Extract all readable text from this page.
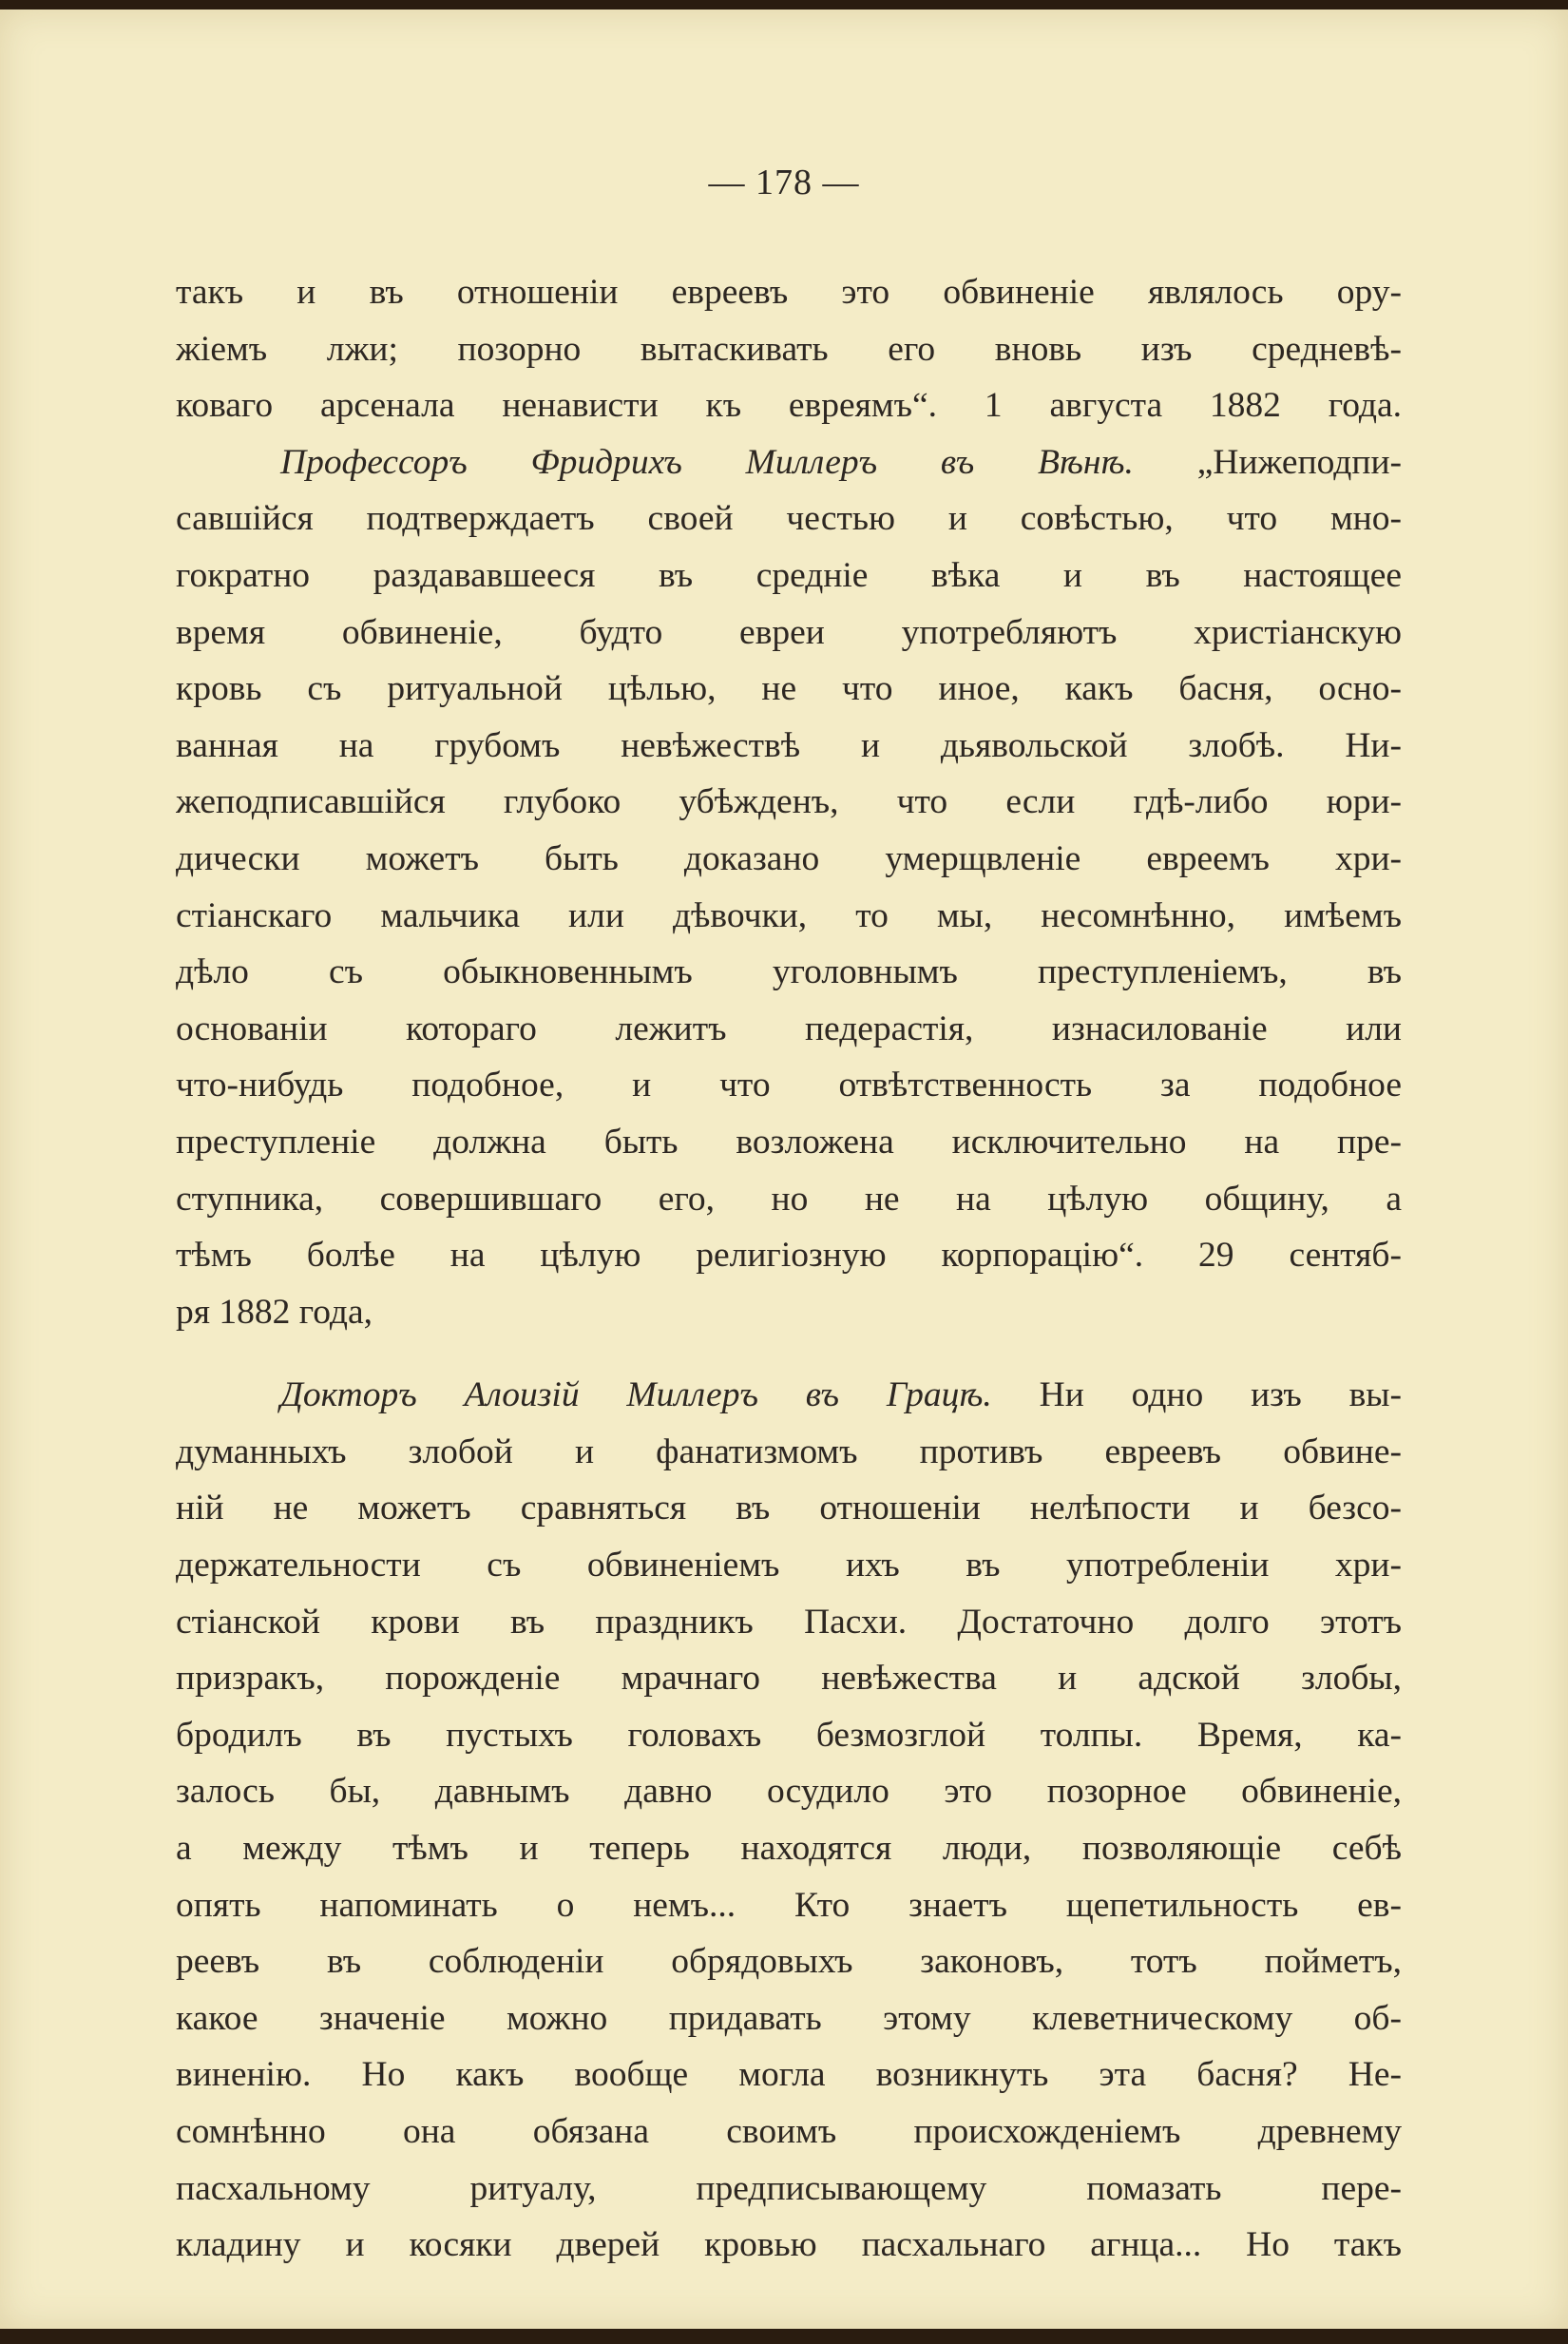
— 178 —
такъ и въ отношеніи евреевъ это обвиненіе являлось ору-
жіемъ лжи; позорно вытаскивать его вновь изъ средневѣ-
коваго арсенала ненависти къ евреямъ“. 1 августа 1882 года.
Профессоръ Фридрихъ Миллеръ въ Вѣнѣ. „Нижеподпи-
савшійся подтверждаетъ своей честью и совѣстью, что мно-
гократно раздававшееся въ средніе вѣка и въ настоящее
время обвиненіе, будто евреи употребляютъ христіанскую
кровь съ ритуальной цѣлью, не что иное, какъ басня, осно-
ванная на грубомъ невѣжествѣ и дьявольской злобѣ. Ни-
жеподписавшійся глубоко убѣжденъ, что если гдѣ-либо юри-
дически можетъ быть доказано умерщвленіе евреемъ хри-
стіанскаго мальчика или дѣвочки, то мы, несомнѣнно, имѣемъ
дѣло съ обыкновеннымъ уголовнымъ преступленіемъ, въ
основаніи котораго лежитъ педерастія, изнасилованіе или
что-нибудь подобное, и что отвѣтственность за подобное
преступленіе должна быть возложена исключительно на пре-
ступника, совершившаго его, но не на цѣлую общину, а
тѣмъ болѣе на цѣлую религіозную корпорацію“. 29 сентяб-
ря 1882 года,
Докторъ Алоизій Миллеръ въ Грацѣ. Ни одно изъ вы-
думанныхъ злобой и фанатизмомъ противъ евреевъ обвине-
ній не можетъ сравняться въ отношеніи нелѣпости и безсо-
держательности съ обвиненіемъ ихъ въ употребленіи хри-
стіанской крови въ праздникъ Пасхи. Достаточно долго этотъ
призракъ, порожденіе мрачнаго невѣжества и адской злобы,
бродилъ въ пустыхъ головахъ безмозглой толпы. Время, ка-
залось бы, давнымъ давно осудило это позорное обвиненіе,
а между тѣмъ и теперь находятся люди, позволяющіе себѣ
опять напоминать о немъ... Кто знаетъ щепетильность ев-
реевъ въ соблюденіи обрядовыхъ законовъ, тотъ пойметъ,
какое значеніе можно придавать этому клеветническому об-
виненію. Но какъ вообще могла возникнуть эта басня? Не-
сомнѣнно она обязана своимъ происхожденіемъ древнему
пасхальному ритуалу, предписывающему помазать пере-
кладину и косяки дверей кровью пасхальнаго агнца... Но такъ
